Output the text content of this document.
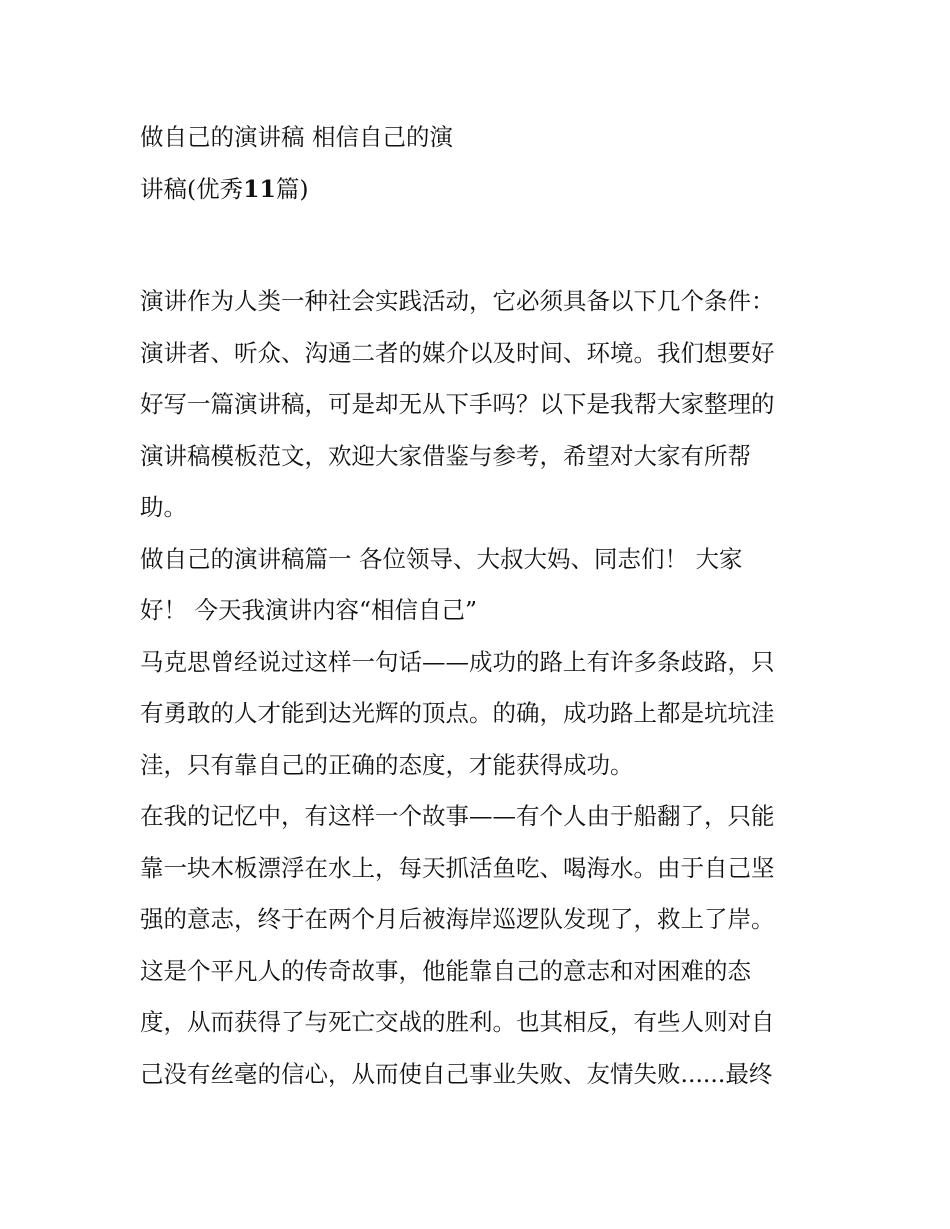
做自己的演讲稿 相信自己的演
讲稿(优秀11篇)
演讲作为人类一种社会实践活动，它必须具备以下几个条件：
演讲者、听众、沟通二者的媒介以及时间、环境。我们想要好
好写一篇演讲稿，可是却无从下手吗？以下是我帮大家整理的
演讲稿模板范文，欢迎大家借鉴与参考，希望对大家有所帮
助。
做自己的演讲稿篇一 各位领导、大叔大妈、同志们！ 大家
好！ 今天我演讲内容“相信自己”
马克思曾经说过这样一句话——成功的路上有许多条歧路，只
有勇敢的人才能到达光辉的顶点。的确，成功路上都是坑坑洼
洼，只有靠自己的正确的态度，才能获得成功。
在我的记忆中，有这样一个故事——有个人由于船翻了，只能
靠一块木板漂浮在水上，每天抓活鱼吃、喝海水。由于自己坚
强的意志，终于在两个月后被海岸巡逻队发现了，救上了岸。
这是个平凡人的传奇故事，他能靠自己的意志和对困难的态
度，从而获得了与死亡交战的胜利。也其相反，有些人则对自
己没有丝毫的信心，从而使自己事业失败、友情失败......最终
